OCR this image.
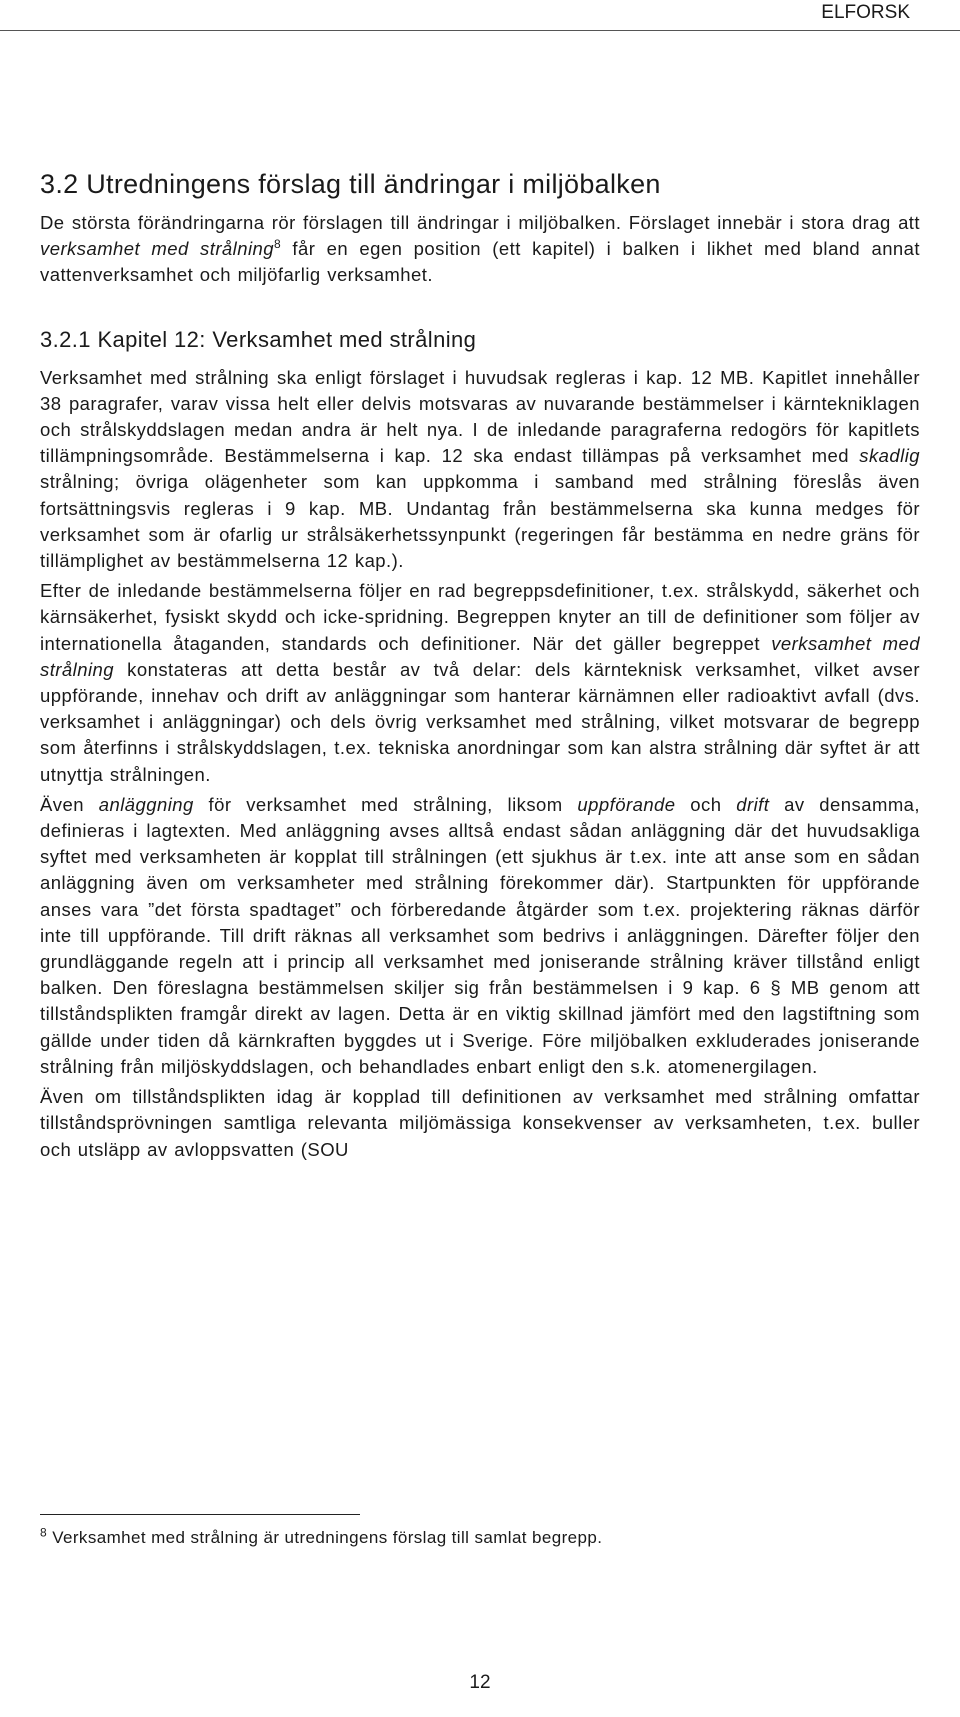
ELFORSK
3.2 Utredningens förslag till ändringar i miljöbalken

De största förändringarna rör förslagen till ändringar i miljöbalken. Förslaget innebär i stora drag att verksamhet med strålning$^8$ får en egen position (ett kapitel) i balken i likhet med bland annat vattenverksamhet och miljöfarlig verksamhet.

3.2.1 Kapitel 12: Verksamhet med strålning

Verksamhet med strålning ska enligt förslaget i huvudsak regleras i kap. 12 MB. Kapitlet innehåller 38 paragrafer, varav vissa helt eller delvis motsvaras av nuvarande bestämmelser i kärntekniklagen och strålskyddslagen medan andra är helt nya. I de inledande paragraferna redogörs för kapitlets tillämpningsområde. Bestämmelserna i kap. 12 ska endast tillämpas på verksamhet med skadlig strålning; övriga olägenheter som kan uppkomma i samband med strålning föreslås även fortsättningsvis regleras i 9 kap. MB. Undantag från bestämmelserna ska kunna medges för verksamhet som är ofarlig ur strålsäkerhetssynpunkt (regeringen får bestämma en nedre gräns för tillämplighet av bestämmelserna 12 kap.).

Efter de inledande bestämmelserna följer en rad begreppsdefinitioner, t.ex. strålskydd, säkerhet och kärnsäkerhet, fysiskt skydd och icke-spridning. Begreppen knyter an till de definitioner som följer av internationella åtaganden, standards och definitioner. När det gäller begreppet verksamhet med strålning konstateras att detta består av två delar: dels kärnteknisk verksamhet, vilket avser uppförande, innehav och drift av anläggningar som hanterar kärnämnen eller radioaktivt avfall (dvs. verksamhet i anläggningar) och dels övrig verksamhet med strålning, vilket motsvarar de begrepp som återfinns i strålskyddslagen, t.ex. tekniska anordningar som kan alstra strålning där syftet är att utnyttja strålningen.

Även anläggning för verksamhet med strålning, liksom uppförande och drift av densamma, definieras i lagtexten. Med anläggning avses alltså endast sådan anläggning där det huvudsakliga syftet med verksamheten är kopplat till strålningen (ett sjukhus är t.ex. inte att anse som en sådan anläggning även om verksamheter med strålning förekommer där). Startpunkten för uppförande anses vara ”det första spadtaget” och förberedande åtgärder som t.ex. projektering räknas därför inte till uppförande. Till drift räknas all verksamhet som bedrivs i anläggningen. Därefter följer den grundläggande regeln att i princip all verksamhet med joniserande strålning kräver tillstånd enligt balken. Den föreslagna bestämmelsen skiljer sig från bestämmelsen i 9 kap. 6 § MB genom att tillståndsplikten framgår direkt av lagen. Detta är en viktig skillnad jämfört med den lagstiftning som gällde under tiden då kärnkraften byggdes ut i Sverige. Före miljöbalken exkluderades joniserande strålning från miljöskyddslagen, och behandlades enbart enligt den s.k. atomenergilagen.

Även om tillståndsplikten idag är kopplad till definitionen av verksamhet med strålning omfattar tillståndsprövningen samtliga relevanta miljömässiga konsekvenser av verksamheten, t.ex. buller och utsläpp av avloppsvatten (SOU

$^8$ Verksamhet med strålning är utredningens förslag till samlat begrepp.
12
